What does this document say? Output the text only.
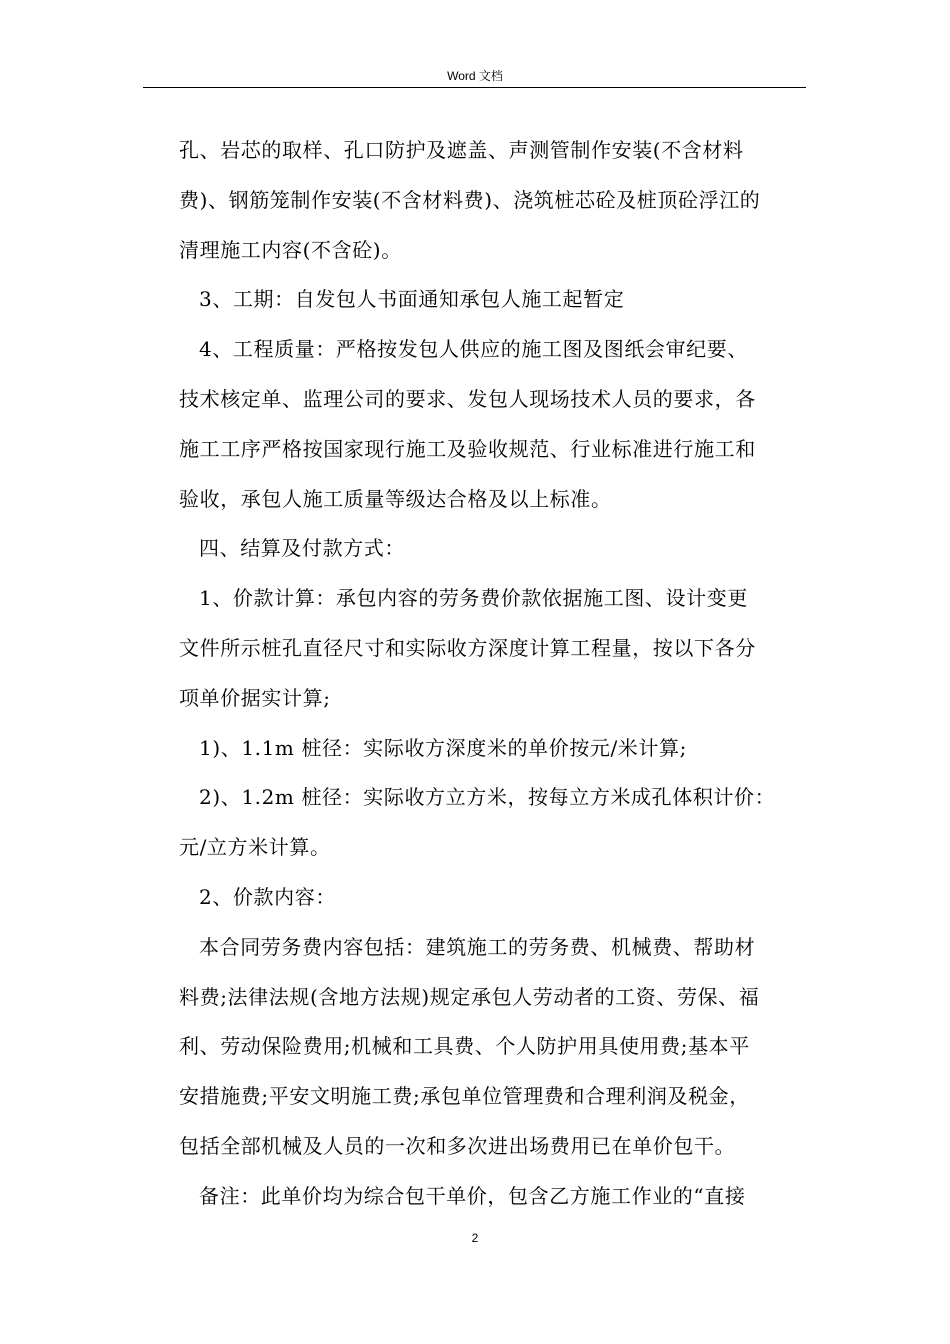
Word 文档
孔、岩芯的取样、孔口防护及遮盖、声测管制作安装(不含材料
费)、钢筋笼制作安装(不含材料费)、浇筑桩芯砼及桩顶砼浮江的
清理施工内容(不含砼)。
3、工期：自发包人书面通知承包人施工起暂定
4、工程质量：严格按发包人供应的施工图及图纸会审纪要、
技术核定单、监理公司的要求、发包人现场技术人员的要求，各
施工工序严格按国家现行施工及验收规范、行业标准进行施工和
验收，承包人施工质量等级达合格及以上标准。
四、结算及付款方式：
1、价款计算：承包内容的劳务费价款依据施工图、设计变更
文件所示桩孔直径尺寸和实际收方深度计算工程量，按以下各分
项单价据实计算;
1)、1.1m 桩径：实际收方深度米的单价按元/米计算;
2)、1.2m 桩径：实际收方立方米，按每立方米成孔体积计价：
元/立方米计算。
2、价款内容：
本合同劳务费内容包括：建筑施工的劳务费、机械费、帮助材
料费;法律法规(含地方法规)规定承包人劳动者的工资、劳保、福
利、劳动保险费用;机械和工具费、个人防护用具使用费;基本平
安措施费;平安文明施工费;承包单位管理费和合理利润及税金，
包括全部机械及人员的一次和多次进出场费用已在单价包干。
备注：此单价均为综合包干单价，包含乙方施工作业的“直接
2
